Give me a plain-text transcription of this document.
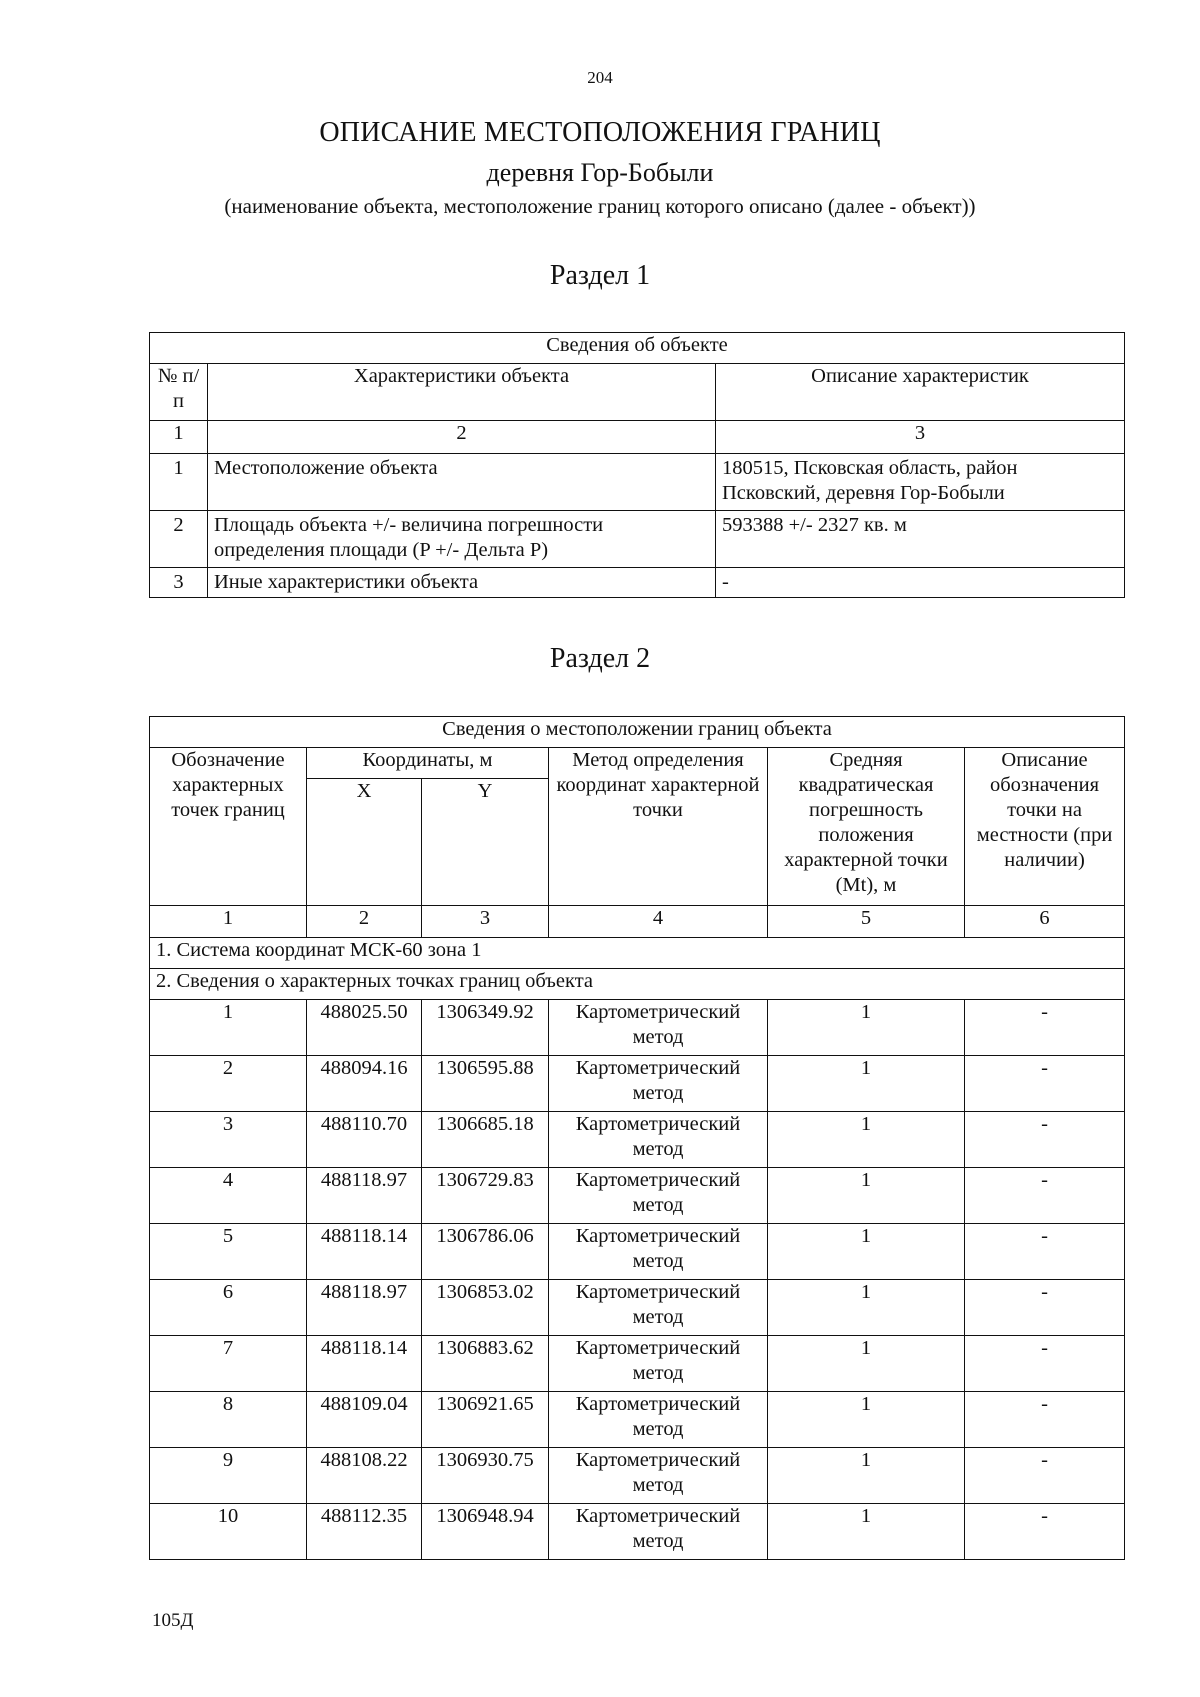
204
ОПИСАНИЕ МЕСТОПОЛОЖЕНИЯ ГРАНИЦ
деревня Гор-Бобыли
(наименование объекта, местоположение границ которого описано (далее - объект))
Раздел 1
Сведения об объекте		
№ п/п	Характеристики объекта	Описание характеристик
1	2	3
1	Местоположение объекта	180515, Псковская область, район Псковский, деревня Гор-Бобыли
2	Площадь объекта +/- величина погрешности определения площади (P +/- Дельта P)	593388 +/- 2327 кв. м
3	Иные характеристики объекта	-
Раздел 2
Сведения о местоположении границ объекта					
Обозначение характерных точек границ	Координаты, м		Метод определения координат характерной точки	Средняя квадратическая погрешность положения характерной точки (Mt), м	Описание обозначения точки на местности (при наличии)
	X	Y			
1	2	3	4	5	6
1. Система координат МСК-60 зона 1					
2. Сведения о характерных точках границ объекта					
1	488025.50	1306349.92	Картометрический метод	1	-
2	488094.16	1306595.88	Картометрический метод	1	-
3	488110.70	1306685.18	Картометрический метод	1	-
4	488118.97	1306729.83	Картометрический метод	1	-
5	488118.14	1306786.06	Картометрический метод	1	-
6	488118.97	1306853.02	Картометрический метод	1	-
7	488118.14	1306883.62	Картометрический метод	1	-
8	488109.04	1306921.65	Картометрический метод	1	-
9	488108.22	1306930.75	Картометрический метод	1	-
10	488112.35	1306948.94	Картометрический метод	1	-
105Д
